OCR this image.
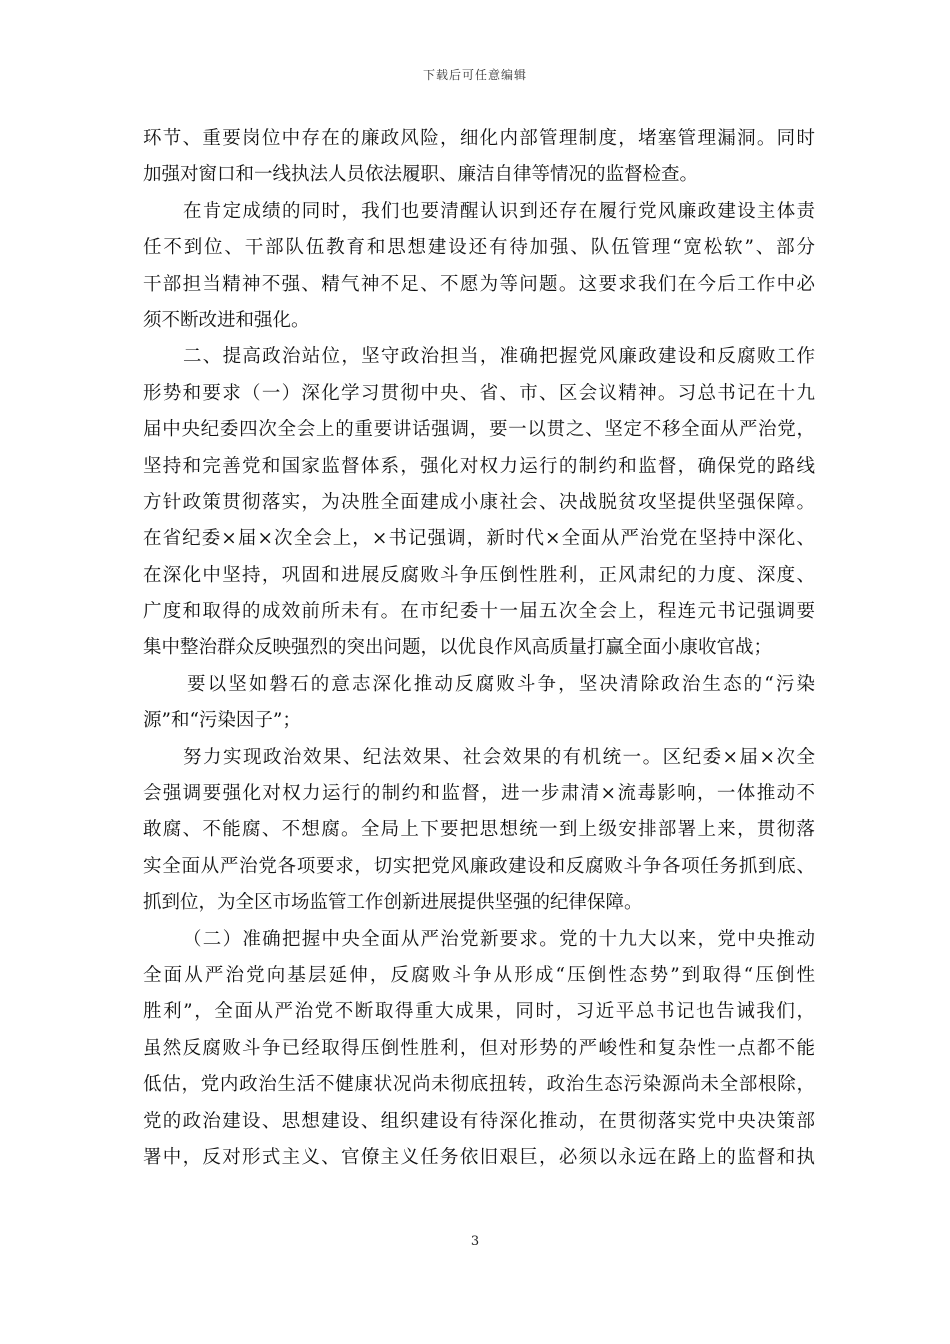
下载后可任意编辑
环节、重要岗位中存在的廉政风险，细化内部管理制度，堵塞管理漏洞。同时
加强对窗口和一线执法人员依法履职、廉洁自律等情况的监督检查。
在肯定成绩的同时，我们也要清醒认识到还存在履行党风廉政建设主体责
任不到位、干部队伍教育和思想建设还有待加强、队伍管理“宽松软”、部分
干部担当精神不强、精气神不足、不愿为等问题。这要求我们在今后工作中必
须不断改进和强化。
二、提高政治站位，坚守政治担当，准确把握党风廉政建设和反腐败工作
形势和要求（一）深化学习贯彻中央、省、市、区会议精神。习总书记在十九
届中央纪委四次全会上的重要讲话强调，要一以贯之、坚定不移全面从严治党，
坚持和完善党和国家监督体系，强化对权力运行的制约和监督，确保党的路线
方针政策贯彻落实，为决胜全面建成小康社会、决战脱贫攻坚提供坚强保障。
在省纪委×届×次全会上，×书记强调，新时代×全面从严治党在坚持中深化、
在深化中坚持，巩固和进展反腐败斗争压倒性胜利，正风肃纪的力度、深度、
广度和取得的成效前所未有。在市纪委十一届五次全会上，程连元书记强调要
集中整治群众反映强烈的突出问题，以优良作风高质量打赢全面小康收官战；
要以坚如磐石的意志深化推动反腐败斗争，坚决清除政治生态的“污染
源”和“污染因子”；
努力实现政治效果、纪法效果、社会效果的有机统一。区纪委×届×次全
会强调要强化对权力运行的制约和监督，进一步肃清×流毒影响，一体推动不
敢腐、不能腐、不想腐。全局上下要把思想统一到上级安排部署上来，贯彻落
实全面从严治党各项要求，切实把党风廉政建设和反腐败斗争各项任务抓到底、
抓到位，为全区市场监管工作创新进展提供坚强的纪律保障。
（二）准确把握中央全面从严治党新要求。党的十九大以来，党中央推动
全面从严治党向基层延伸，反腐败斗争从形成“压倒性态势”到取得“压倒性
胜利”，全面从严治党不断取得重大成果，同时，习近平总书记也告诫我们，
虽然反腐败斗争已经取得压倒性胜利，但对形势的严峻性和复杂性一点都不能
低估，党内政治生活不健康状况尚未彻底扭转，政治生态污染源尚未全部根除，
党的政治建设、思想建设、组织建设有待深化推动，在贯彻落实党中央决策部
署中，反对形式主义、官僚主义任务依旧艰巨，必须以永远在路上的监督和执
3
